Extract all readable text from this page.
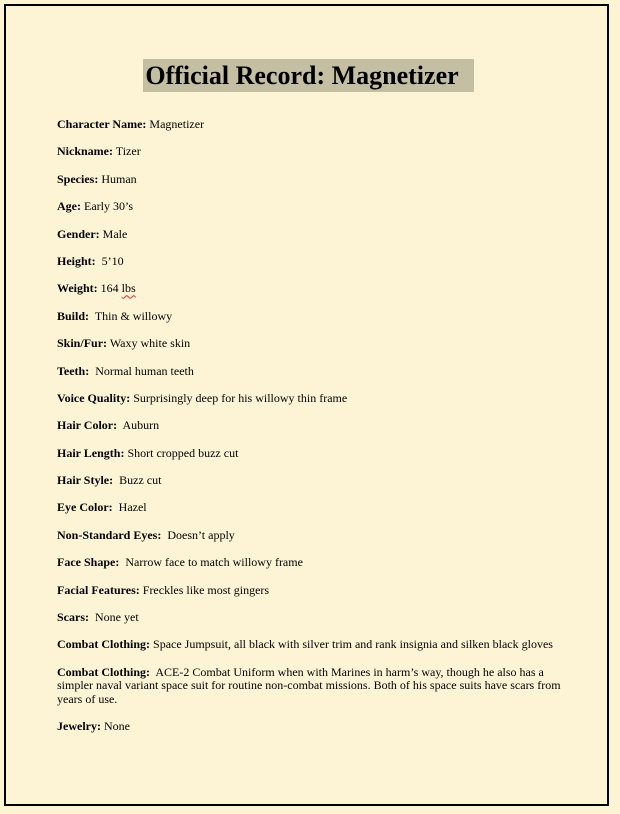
Official Record: Magnetizer
Character Name: Magnetizer
Nickname: Tizer
Species: Human
Age: Early 30’s
Gender: Male
Height: 5’10
Weight: 164 lbs
Build: Thin & willowy
Skin/Fur: Waxy white skin
Teeth: Normal human teeth
Voice Quality: Surprisingly deep for his willowy thin frame
Hair Color: Auburn
Hair Length: Short cropped buzz cut
Hair Style: Buzz cut
Eye Color: Hazel
Non-Standard Eyes: Doesn’t apply
Face Shape: Narrow face to match willowy frame
Facial Features: Freckles like most gingers
Scars: None yet
Combat Clothing: Space Jumpsuit, all black with silver trim and rank insignia and silken black gloves
Combat Clothing: ACE-2 Combat Uniform when with Marines in harm’s way, though he also has a simpler naval variant space suit for routine non-combat missions. Both of his space suits have scars from years of use.
Jewelry: None
